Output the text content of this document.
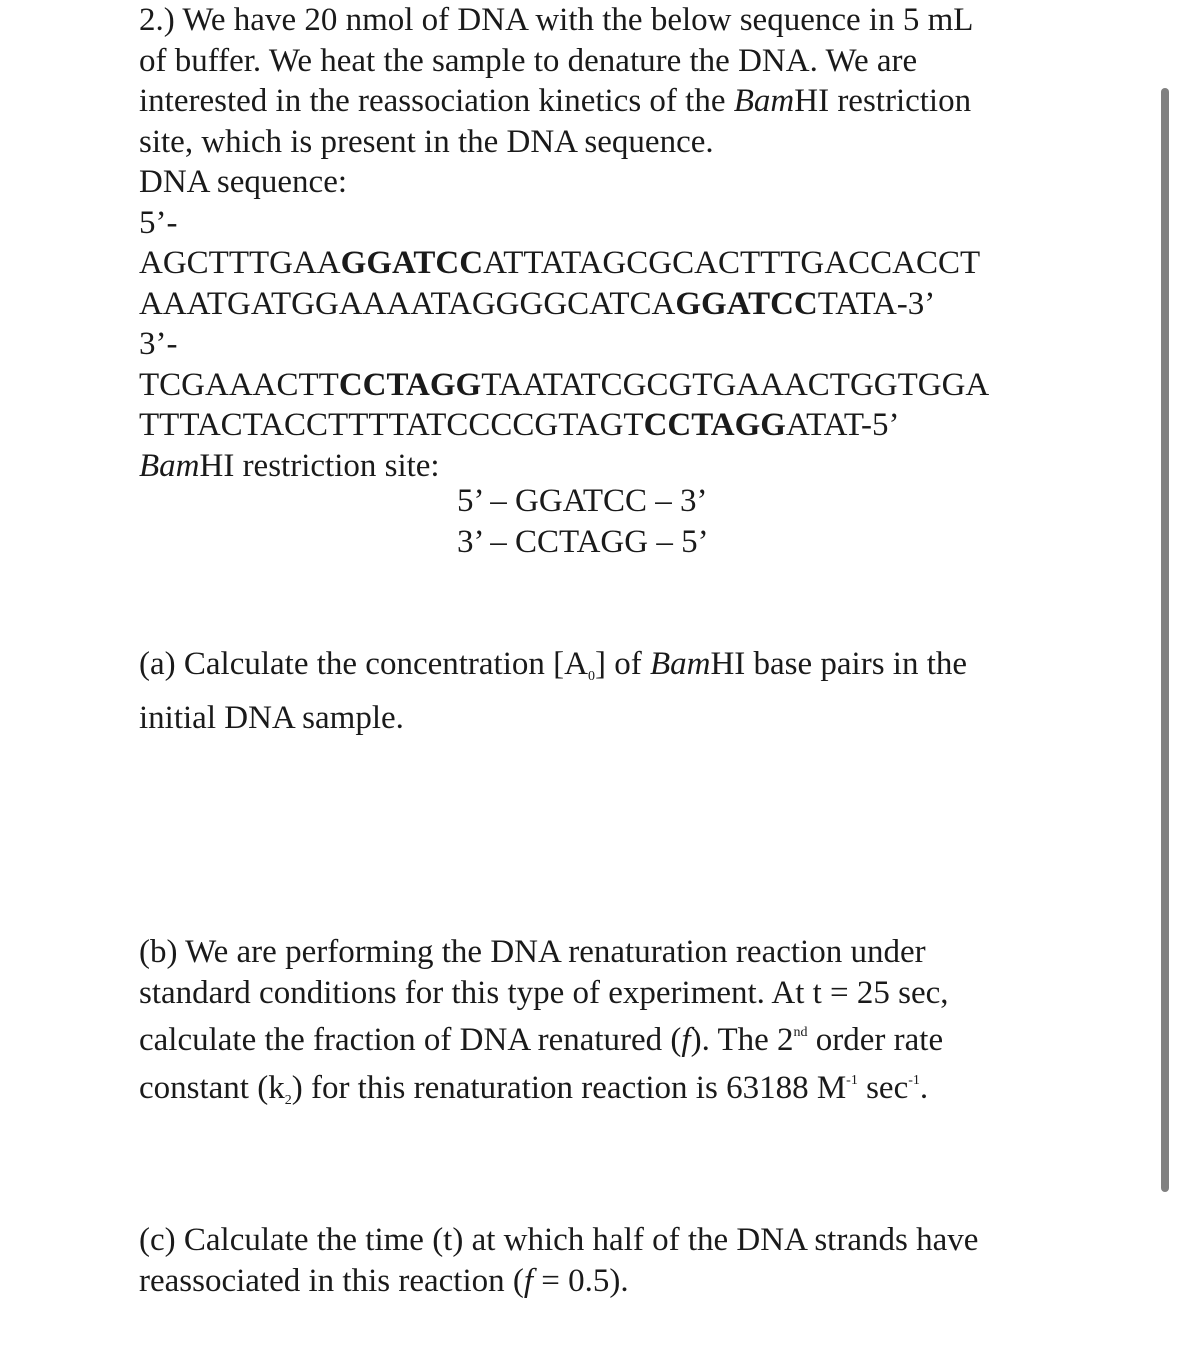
2.) We have 20 nmol of DNA with the below sequence in 5 mL
of buffer. We heat the sample to denature the DNA. We are
interested in the reassociation kinetics of the BamHI restriction
site, which is present in the DNA sequence.
DNA sequence:
5’-
AGCTTTGAAGGATCCATTATAGCGCACTTTGACCACCT
AAATGATGGAAAATAGGGGCATCAGGATCCTATA-3’
3’-
TCGAAACTTCCTAGGTAATATCGCGTGAAACTGGTGGA
TTTACTACCTTTTATCCCCGTAGTCCTAGGATAT-5’
BamHI restriction site:
5’ – GGATCC – 3’
3’ – CCTAGG – 5’
(a) Calculate the concentration [A0] of BamHI base pairs in the
initial DNA sample.
(b) We are performing the DNA renaturation reaction under
standard conditions for this type of experiment. At t = 25 sec,
calculate the fraction of DNA renatured (f). The 2nd order rate
constant (k2) for this renaturation reaction is 63188 $M^{-1}$ $\sec^{-1}$.
(c) Calculate the time (t) at which half of the DNA strands have
reassociated in this reaction (f = 0.5).
